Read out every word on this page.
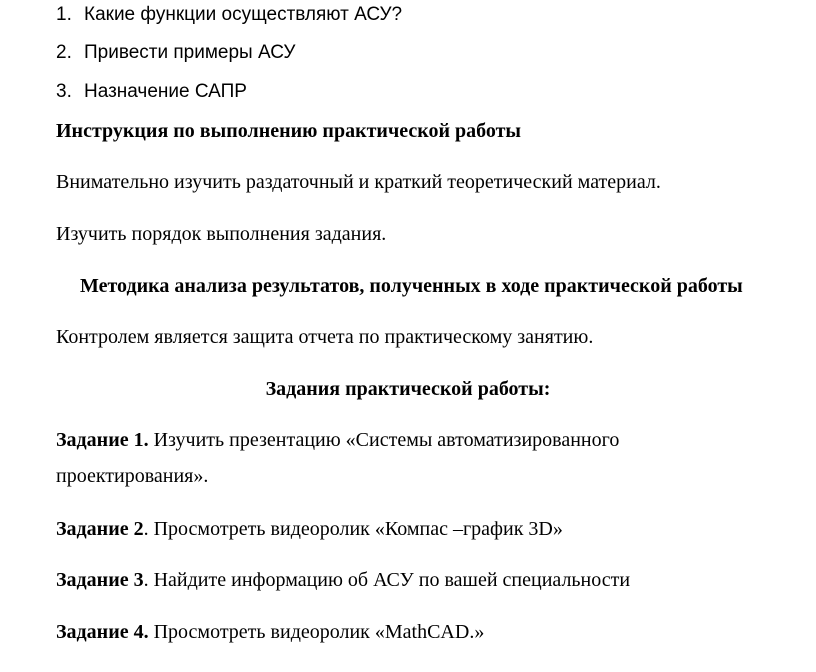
1. Какие функции осуществляют АСУ?
2. Привести примеры АСУ
3. Назначение САПР
Инструкция по выполнению практической работы
Внимательно изучить раздаточный и краткий теоретический материал.
Изучить порядок выполнения задания.
Методика анализа результатов, полученных в ходе практической работы
Контролем является защита отчета по практическому занятию.
Задания практической работы:
Задание 1. Изучить презентацию «Системы автоматизированного
проектирования».
Задание 2. Просмотреть видеоролик «Компас –график 3D»
Задание 3. Найдите информацию об АСУ по вашей специальности
Задание 4. Просмотреть видеоролик «MathCAD.»
